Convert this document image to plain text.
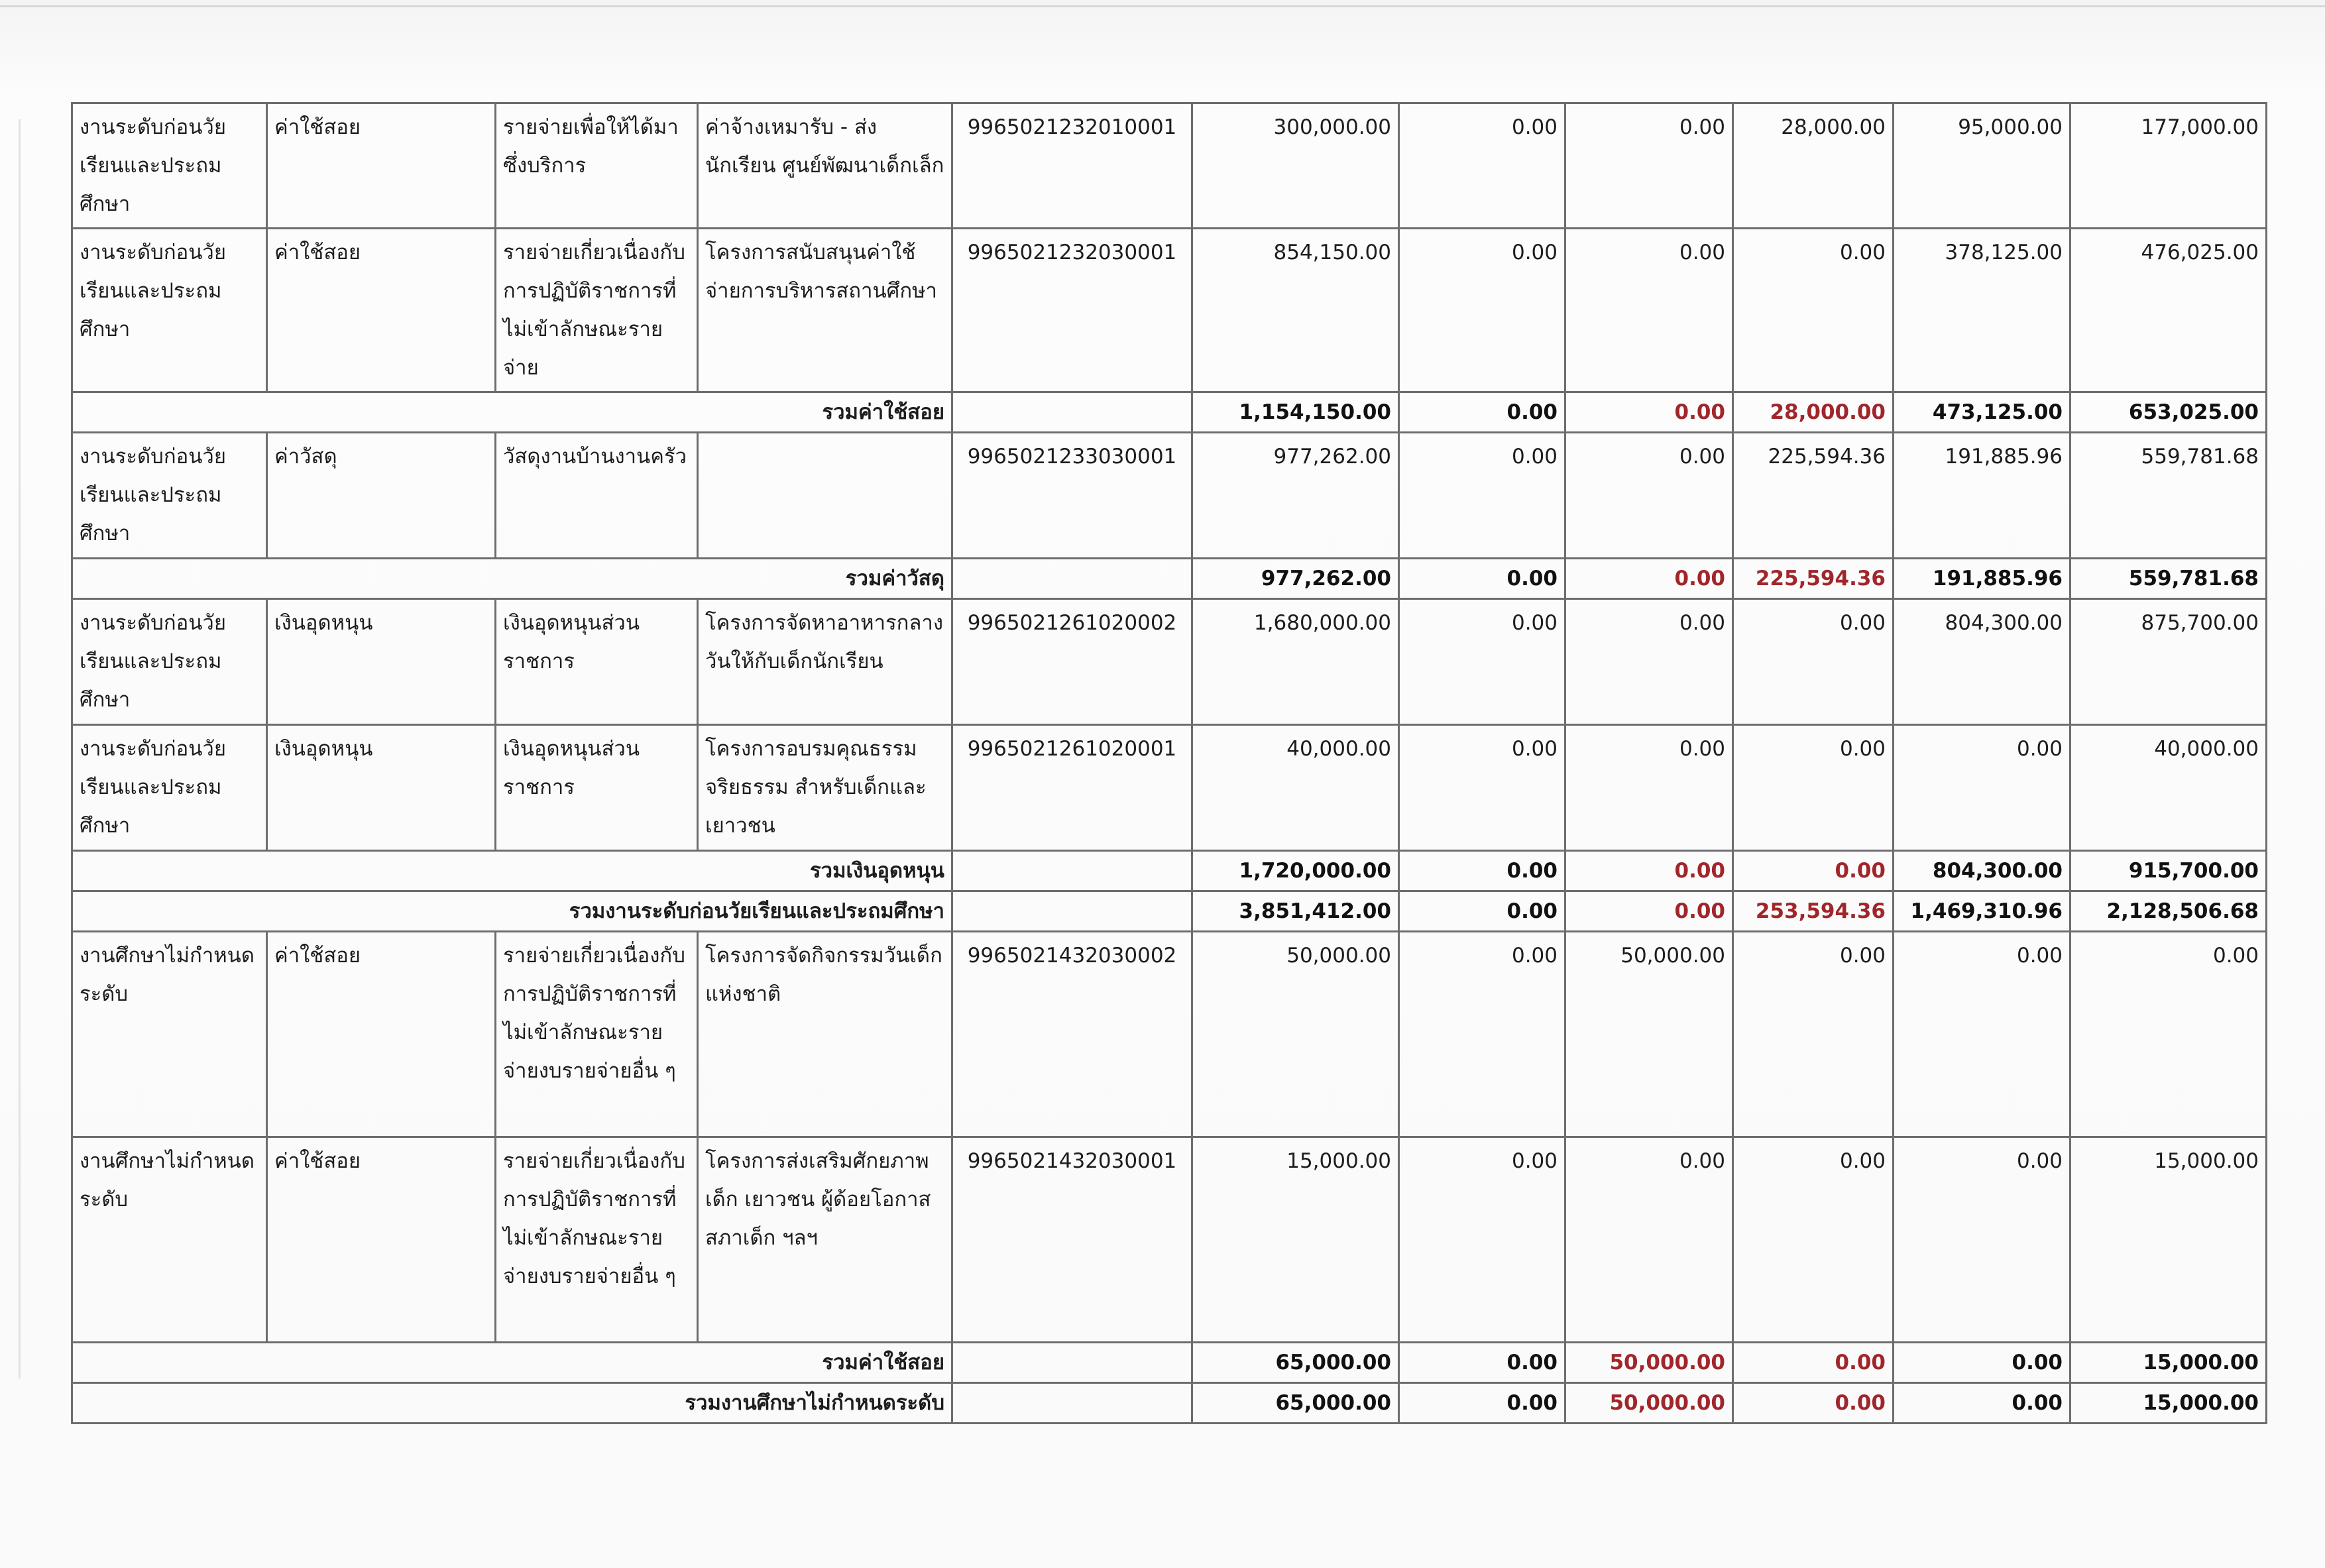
งานระดับก่อนวัยเรียนและประถมศึกษา	ค่าใช้สอย	รายจ่ายเพื่อให้ได้มาซึ่งบริการ	ค่าจ้างเหมารับ - ส่งนักเรียน ศูนย์พัฒนาเด็กเล็ก	9965021232010001	300,000.00	0.00	0.00	28,000.00	95,000.00	177,000.00
งานระดับก่อนวัยเรียนและประถมศึกษา	ค่าใช้สอย	รายจ่ายเกี่ยวเนื่องกับการปฏิบัติราชการที่ไม่เข้าลักษณะรายจ่าย	โครงการสนับสนุนค่าใช้จ่ายการบริหารสถานศึกษา	9965021232030001	854,150.00	0.00	0.00	0.00	378,125.00	476,025.00
รวมค่าใช้สอย					1,154,150.00	0.00	0.00	28,000.00	473,125.00	653,025.00
งานระดับก่อนวัยเรียนและประถมศึกษา	ค่าวัสดุ	วัสดุงานบ้านงานครัว		9965021233030001	977,262.00	0.00	0.00	225,594.36	191,885.96	559,781.68
รวมค่าวัสดุ					977,262.00	0.00	0.00	225,594.36	191,885.96	559,781.68
งานระดับก่อนวัยเรียนและประถมศึกษา	เงินอุดหนุน	เงินอุดหนุนส่วนราชการ	โครงการจัดหาอาหารกลางวันให้กับเด็กนักเรียน	9965021261020002	1,680,000.00	0.00	0.00	0.00	804,300.00	875,700.00
งานระดับก่อนวัยเรียนและประถมศึกษา	เงินอุดหนุน	เงินอุดหนุนส่วนราชการ	โครงการอบรมคุณธรรมจริยธรรม สำหรับเด็กและเยาวชน	9965021261020001	40,000.00	0.00	0.00	0.00	0.00	40,000.00
รวมเงินอุดหนุน					1,720,000.00	0.00	0.00	0.00	804,300.00	915,700.00
รวมงานระดับก่อนวัยเรียนและประถมศึกษา					3,851,412.00	0.00	0.00	253,594.36	1,469,310.96	2,128,506.68
งานศึกษาไม่กำหนดระดับ	ค่าใช้สอย	รายจ่ายเกี่ยวเนื่องกับการปฏิบัติราชการที่ไม่เข้าลักษณะรายจ่ายงบรายจ่ายอื่น ๆ	โครงการจัดกิจกรรมวันเด็กแห่งชาติ	9965021432030002	50,000.00	0.00	50,000.00	0.00	0.00	0.00
งานศึกษาไม่กำหนดระดับ	ค่าใช้สอย	รายจ่ายเกี่ยวเนื่องกับการปฏิบัติราชการที่ไม่เข้าลักษณะรายจ่ายงบรายจ่ายอื่น ๆ	โครงการส่งเสริมศักยภาพเด็ก เยาวชน ผู้ด้อยโอกาส สภาเด็ก ฯลฯ	9965021432030001	15,000.00	0.00	0.00	0.00	0.00	15,000.00
รวมค่าใช้สอย					65,000.00	0.00	50,000.00	0.00	0.00	15,000.00
รวมงานศึกษาไม่กำหนดระดับ					65,000.00	0.00	50,000.00	0.00	0.00	15,000.00
